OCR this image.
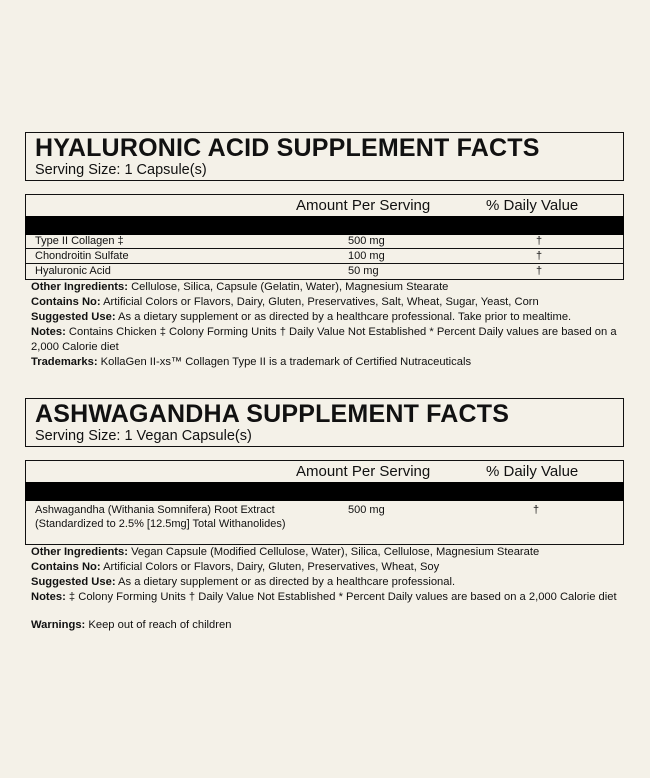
HYALURONIC ACID SUPPLEMENT FACTS
Serving Size: 1 Capsule(s)
Amount Per Serving	% Daily Value
Type II Collagen ‡	500 mg	†
Chondroitin Sulfate	100 mg	†
Hyaluronic Acid	50 mg	†

Other Ingredients: Cellulose, Silica, Capsule (Gelatin, Water), Magnesium Stearate

Contains No: Artificial Colors or Flavors, Dairy, Gluten, Preservatives, Salt, Wheat, Sugar, Yeast, Corn

Suggested Use: As a dietary supplement or as directed by a healthcare professional. Take prior to mealtime.

Notes: Contains Chicken ‡ Colony Forming Units † Daily Value Not Established * Percent Daily values are based on a 2,000 Calorie diet

Trademarks: KollaGen II-xs™ Collagen Type II is a trademark of Certified Nutraceuticals

ASHWAGANDHA SUPPLEMENT FACTS
Serving Size: 1 Vegan Capsule(s)
Amount Per Serving	% Daily Value
Ashwagandha (Withania Somnifera) Root Extract (Standardized to 2.5% [12.5mg] Total Withanolides)
500 mg	†

Other Ingredients: Vegan Capsule (Modified Cellulose, Water), Silica, Cellulose, Magnesium Stearate

Contains No: Artificial Colors or Flavors, Dairy, Gluten, Preservatives, Wheat, Soy

Suggested Use: As a dietary supplement or as directed by a healthcare professional.

Notes: ‡ Colony Forming Units † Daily Value Not Established * Percent Daily values are based on a 2,000 Calorie diet

Warnings: Keep out of reach of children
